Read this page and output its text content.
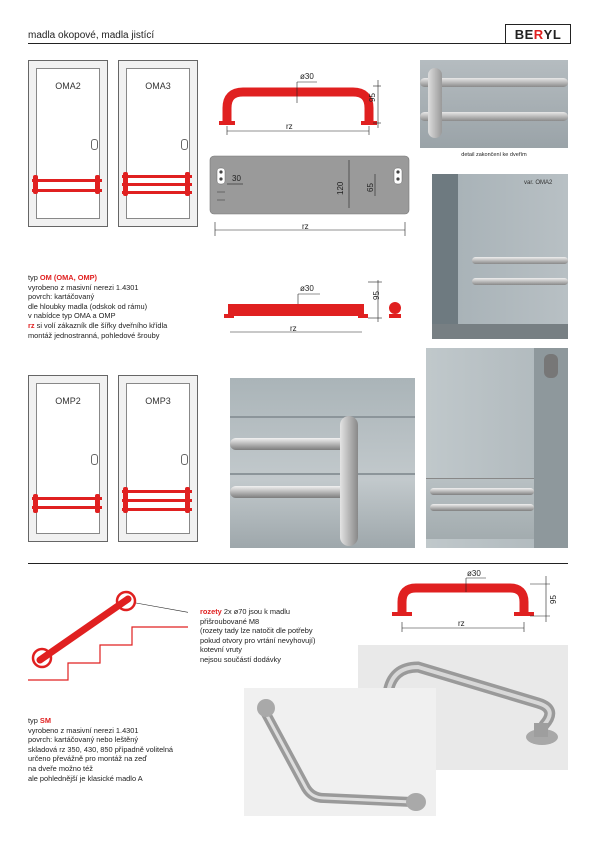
madla okopové, madla jistící	BE R YL
OMA2	OMA3
ø30
95
rz
30
120	65
rz
detail zakončení ke dveřím
var. OMA2
typ OM (OMA, OMP)
vyrobeno z masivní nerezi 1.4301
povrch: kartáčovaný
dle hloubky madla (odskok od rámu)
v nabídce typ OMA a OMP
rz si volí zákazník dle šířky dveřního křídla
montáž jednostranná, pohledové šrouby
ø30
95
rz
OMP2	OMP3
rozety 2x ø70 jsou k madlu
přišroubované M8
(rozety tady lze natočit dle potřeby
pokud otvory pro vrtání nevyhovují)
kotevní vruty
nejsou součástí dodávky
ø30
95
rz
typ SM
vyrobeno z masivní nerezi 1.4301
povrch: kartáčovaný nebo leštěný
skladová rz 350, 430, 850 případně volitelná
určeno převážně pro montáž na zeď
na dveře možno též
ale pohlednější je klasické madlo A
